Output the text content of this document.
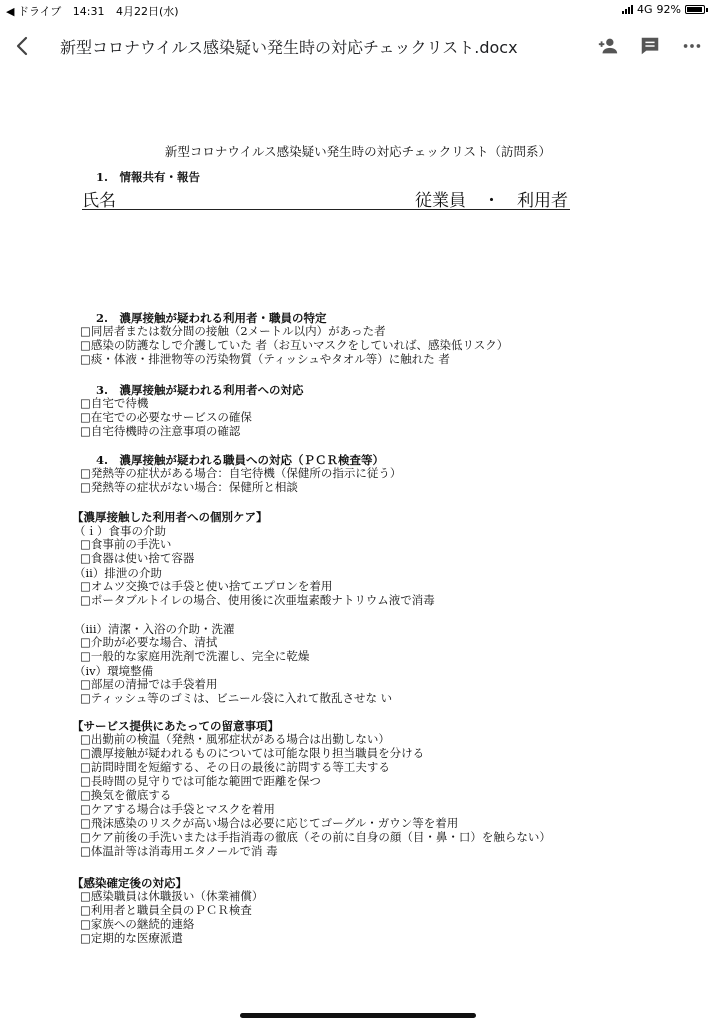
◀ ドライブ 14:31 4月22日(水)	4G 92%
新型コロナウイルス感染疑い発生時の対応チェックリスト.docx
新型コロナウイルス感染疑い発生時の対応チェックリスト（訪問系）
1.　情報共有・報告
氏名	従業員　・　利用者
2.　濃厚接触が疑われる利用者・職員の特定
□同居者または数分間の接触（2メートル以内）があった者
□感染の防護なしで介護していた 者（お互いマスクをしていれば、感染低リスク）
□痰・体液・排泄物等の汚染物質（ティッシュやタオル等）に触れた 者
3.　濃厚接触が疑われる利用者への対応
□自宅で待機
□在宅での必要なサービスの確保
□自宅待機時の注意事項の確認
4.　濃厚接触が疑われる職員への対応（ＰＣＲ検査等）
□発熱等の症状がある場合：自宅待機（保健所の指示に従う）
□発熱等の症状がない場合：保健所と相談
【濃厚接触した利用者への個別ケア】
（ｉ）食事の介助
□食事前の手洗い
□食器は使い捨て容器
（ii）排泄の介助
□オムツ交換では手袋と使い捨てエプロンを着用
□ポータブルトイレの場合、使用後に次亜塩素酸ナトリウム液で消毒
（iii）清潔・入浴の介助・洗濯
□介助が必要な場合、清拭
□一般的な家庭用洗剤で洗濯し、完全に乾燥
（iv）環境整備
□部屋の清掃では手袋着用
□ティッシュ等のゴミは、ビニール袋に入れて散乱させな い
【サービス提供にあたっての留意事項】
□出勤前の検温（発熱・風邪症状がある場合は出勤しない）
□濃厚接触が疑われるものについては可能な限り担当職員を分ける
□訪問時間を短縮する、その日の最後に訪問する等工夫する
□長時間の見守りでは可能な範囲で距離を保つ
□換気を徹底する
□ケアする場合は手袋とマスクを着用
□飛沫感染のリスクが高い場合は必要に応じてゴーグル・ガウン等を着用
□ケア前後の手洗いまたは手指消毒の徹底（その前に自身の顔（目・鼻・口）を触らない）
□体温計等は消毒用エタノールで消 毒
【感染確定後の対応】
□感染職員は休職扱い（休業補償）
□利用者と職員全員のＰＣＲ検査
□家族への継続的連絡
□定期的な医療派遣
